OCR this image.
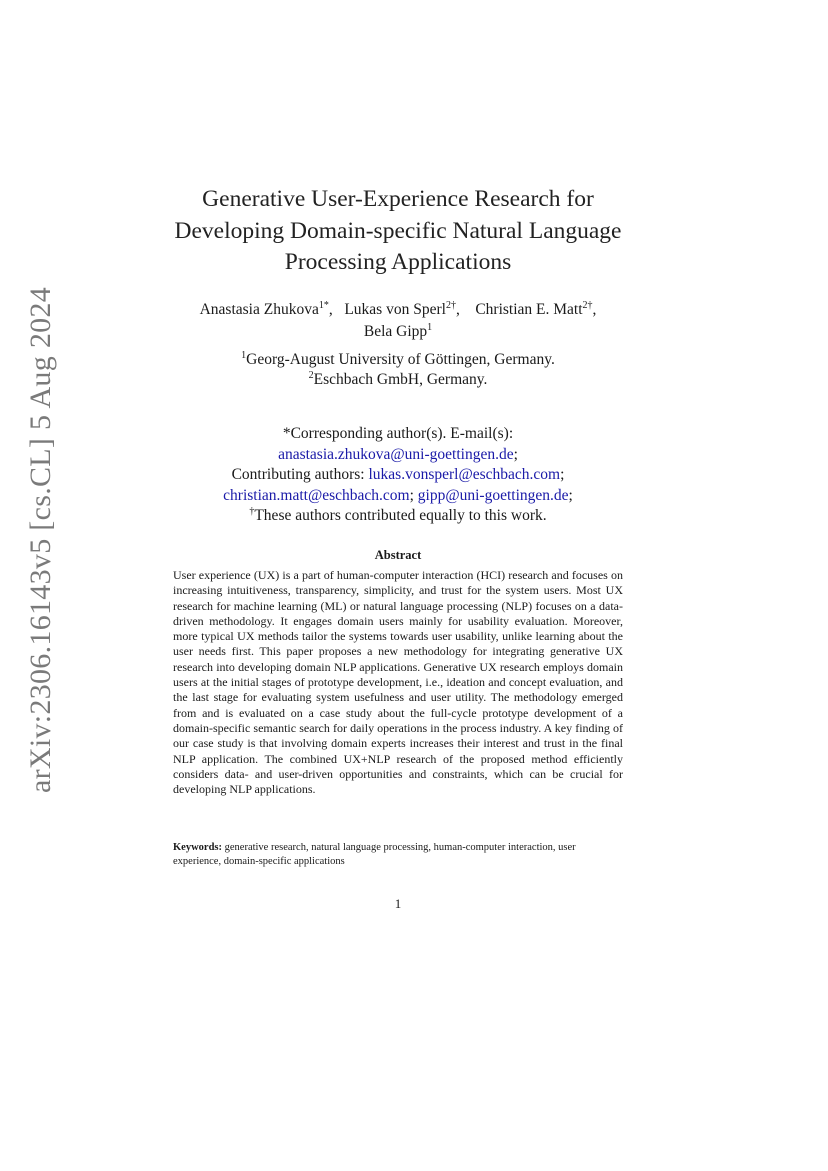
arXiv:2306.16143v5 [cs.CL] 5 Aug 2024
Generative User-Experience Research for
Developing Domain-specific Natural Language
Processing Applications
Anastasia Zhukova$^{1*}$,   Lukas von Sperl$^{2\dagger}$,    Christian E. Matt$^{2\dagger}$,
Bela Gipp$^1$
$^1$Georg-August University of Göttingen, Germany.
$^2$Eschbach GmbH, Germany.
*Corresponding author(s). E-mail(s):
anastasia.zhukova@uni-goettingen.de;
Contributing authors: lukas.vonsperl@eschbach.com;
christian.matt@eschbach.com; gipp@uni-goettingen.de;
†These authors contributed equally to this work.
Abstract
User experience (UX) is a part of human-computer interaction (HCI) research and focuses on increasing intuitiveness, transparency, simplicity, and trust for the system users. Most UX research for machine learning (ML) or natural language processing (NLP) focuses on a data-driven methodology. It engages domain users mainly for usability evaluation. Moreover, more typical UX methods tailor the systems towards user usability, unlike learning about the user needs first. This paper proposes a new methodology for integrating generative UX research into developing domain NLP applications. Generative UX research employs domain users at the initial stages of prototype development, i.e., ideation and concept evaluation, and the last stage for evaluating system usefulness and user utility. The methodology emerged from and is evaluated on a case study about the full-cycle prototype development of a domain-specific semantic search for daily operations in the process industry. A key finding of our case study is that involving domain experts increases their interest and trust in the final NLP application. The combined UX+NLP research of the proposed method efficiently considers data- and user-driven opportunities and constraints, which can be crucial for developing NLP applications.
Keywords: generative research, natural language processing, human-computer interaction, user experience, domain-specific applications
1
